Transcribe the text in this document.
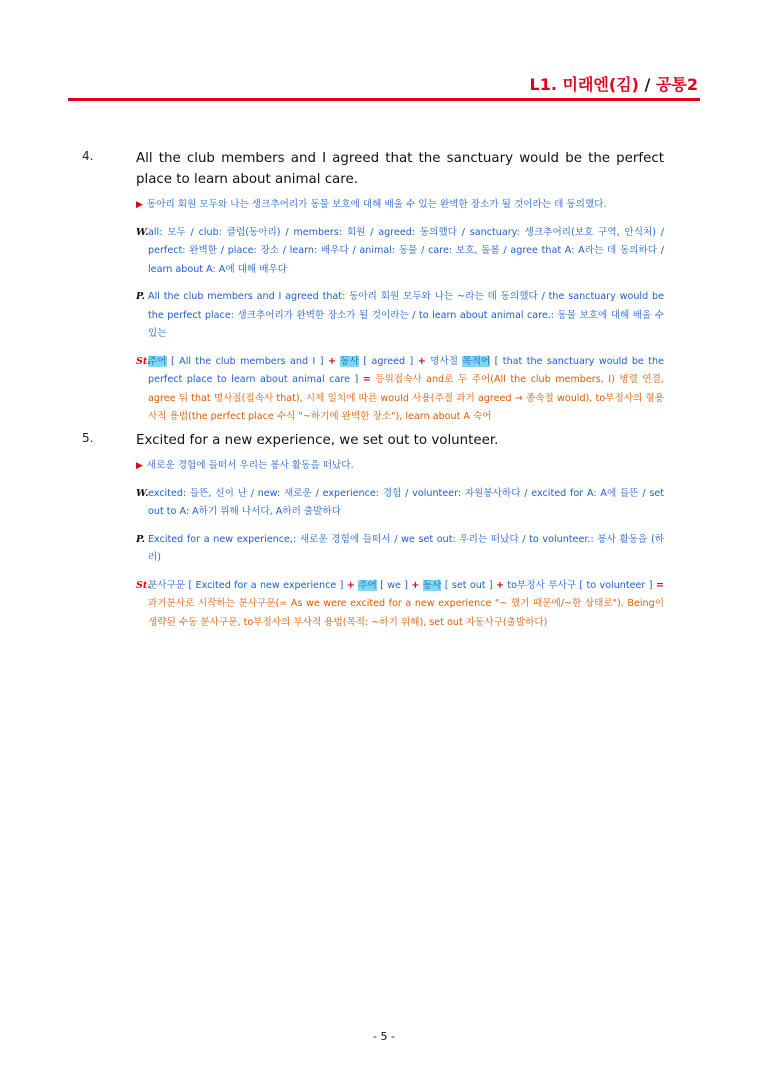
L1. 미래엔(김) / 공통2
4.	All the club members and I agreed that the sanctuary would be the perfect place to learn about animal care.
▶ 동아리 회원 모두와 나는 생크추어리가 동물 보호에 대해 배울 수 있는 완벽한 장소가 될 것이라는 데 동의했다.
W. all: 모두 / club: 클럽(동아리) / members: 회원 / agreed: 동의했다 / sanctuary: 생크추어리(보호 구역, 안식처) / perfect: 완벽한 / place: 장소 / learn: 배우다 / animal: 동물 / care: 보호, 돌봄 / agree that A: A라는 데 동의하다 / learn about A: A에 대해 배우다
P. All the club members and I agreed that: 동아리 회원 모두와 나는 ~라는 데 동의했다 / the sanctuary would be the perfect place: 생크추어리가 완벽한 장소가 될 것이라는 / to learn about animal care.: 동물 보호에 대해 배울 수 있는
St.
주어 [ All the club members and I ] + 동사 [ agreed ] + 명사절 목적어 [ that the sanctuary would be the perfect place to learn about animal care ] = 등위접속사 and로 두 주어(All the club members, I) 병렬 연결, agree 뒤 that 명사절(접속사 that), 시제 일치에 따른 would 사용(주절 과거 agreed → 종속절 would), to부정사의 형용사적 용법(the perfect place 수식 "~하기에 완벽한 장소"), learn about A 숙어
5.	Excited for a new experience, we set out to volunteer.
▶ 새로운 경험에 들떠서 우리는 봉사 활동을 떠났다.
W. excited: 들뜬, 신이 난 / new: 새로운 / experience: 경험 / volunteer: 자원봉사하다 / excited for A: A에 들뜬 / set out to A: A하기 위해 나서다, A하러 출발하다
P. Excited for a new experience,: 새로운 경험에 들떠서 / we set out: 우리는 떠났다 / to volunteer.: 봉사 활동을 (하러)
St.
분사구문 [ Excited for a new experience ] + 주어 [ we ] + 동사 [ set out ] + to부정사 부사구 [ to volunteer ] = 과거분사로 시작하는 분사구문(= As we were excited for a new experience "~ 했기 때문에/~한 상태로"). Being이 생략된 수동 분사구문, to부정사의 부사적 용법(목적: ~하기 위해), set out 자동사구(출발하다)
- 5 -
